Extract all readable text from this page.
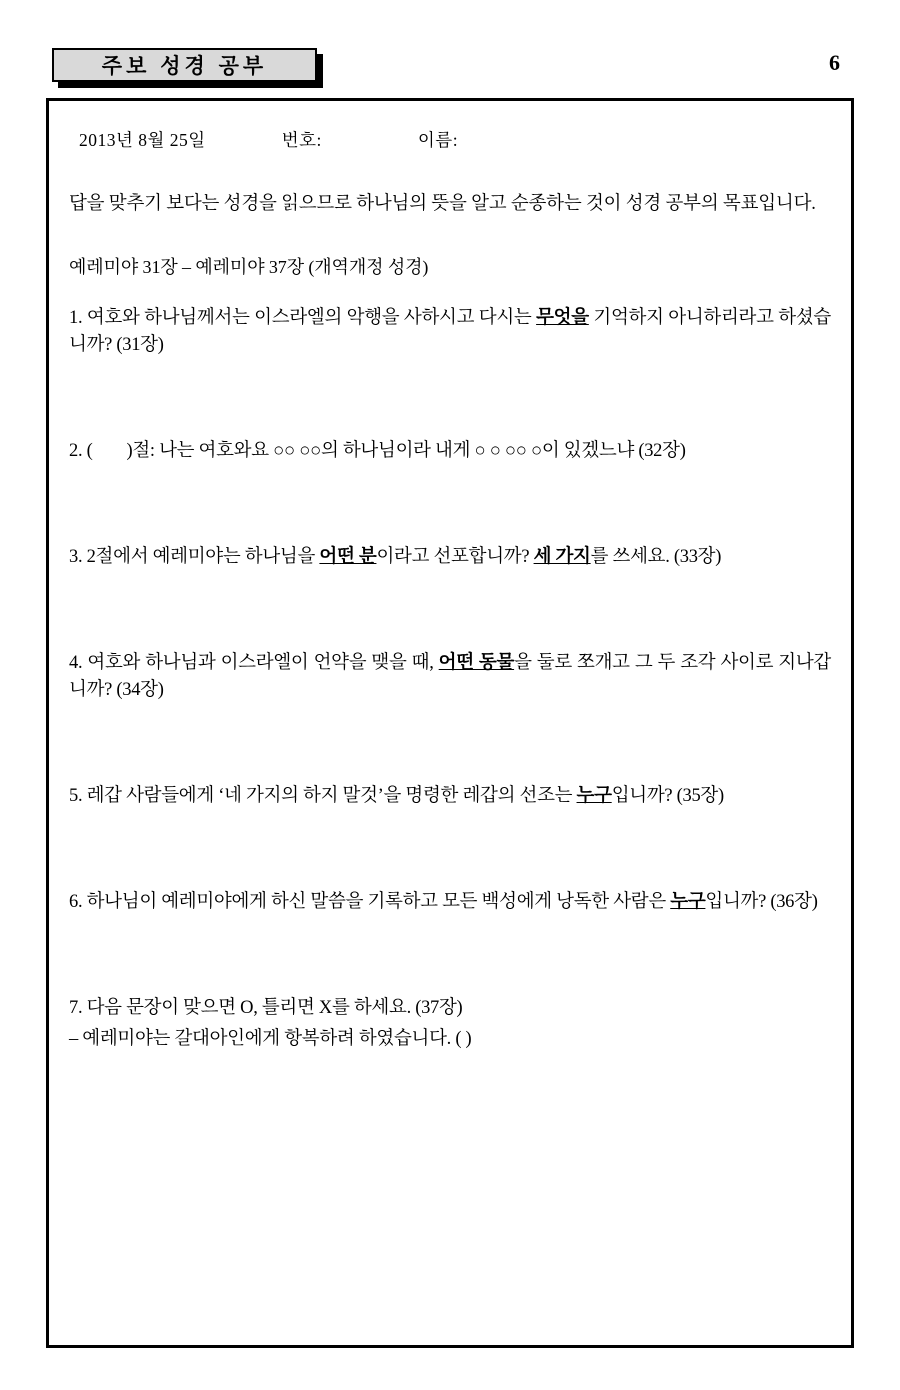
주보 성경 공부	6
2013년 8월 25일	번호:	이름:
답을 맞추기 보다는 성경을 읽으므로 하나님의 뜻을 알고 순종하는 것이 성경 공부의 목표입니다.
예레미야 31장 – 예레미야 37장 (개역개정 성경)
1. 여호와 하나님께서는 이스라엘의 악행을 사하시고 다시는 무엇을 기억하지 아니하리라고 하셨습니까? (31장)
2. ( )절: 나는 여호와요 ○○ ○○의 하나님이라 내게 ○ ○ ○○ ○이 있겠느냐 (32장)
3. 2절에서 예레미야는 하나님을 어떤 분이라고 선포합니까? 세 가지를 쓰세요. (33장)
4. 여호와 하나님과 이스라엘이 언약을 맺을 때, 어떤 동물을 둘로 쪼개고 그 두 조각 사이로 지나갑니까? (34장)
5. 레갑 사람들에게 ‘네 가지의 하지 말것’을 명령한 레갑의 선조는 누구입니까? (35장)
6. 하나님이 예레미야에게 하신 말씀을 기록하고 모든 백성에게 낭독한 사람은 누구입니까? (36장)
7. 다음 문장이 맞으면 O, 틀리면 X를 하세요. (37장)
– 예레미야는 갈대아인에게 항복하려 하였습니다. ( )
